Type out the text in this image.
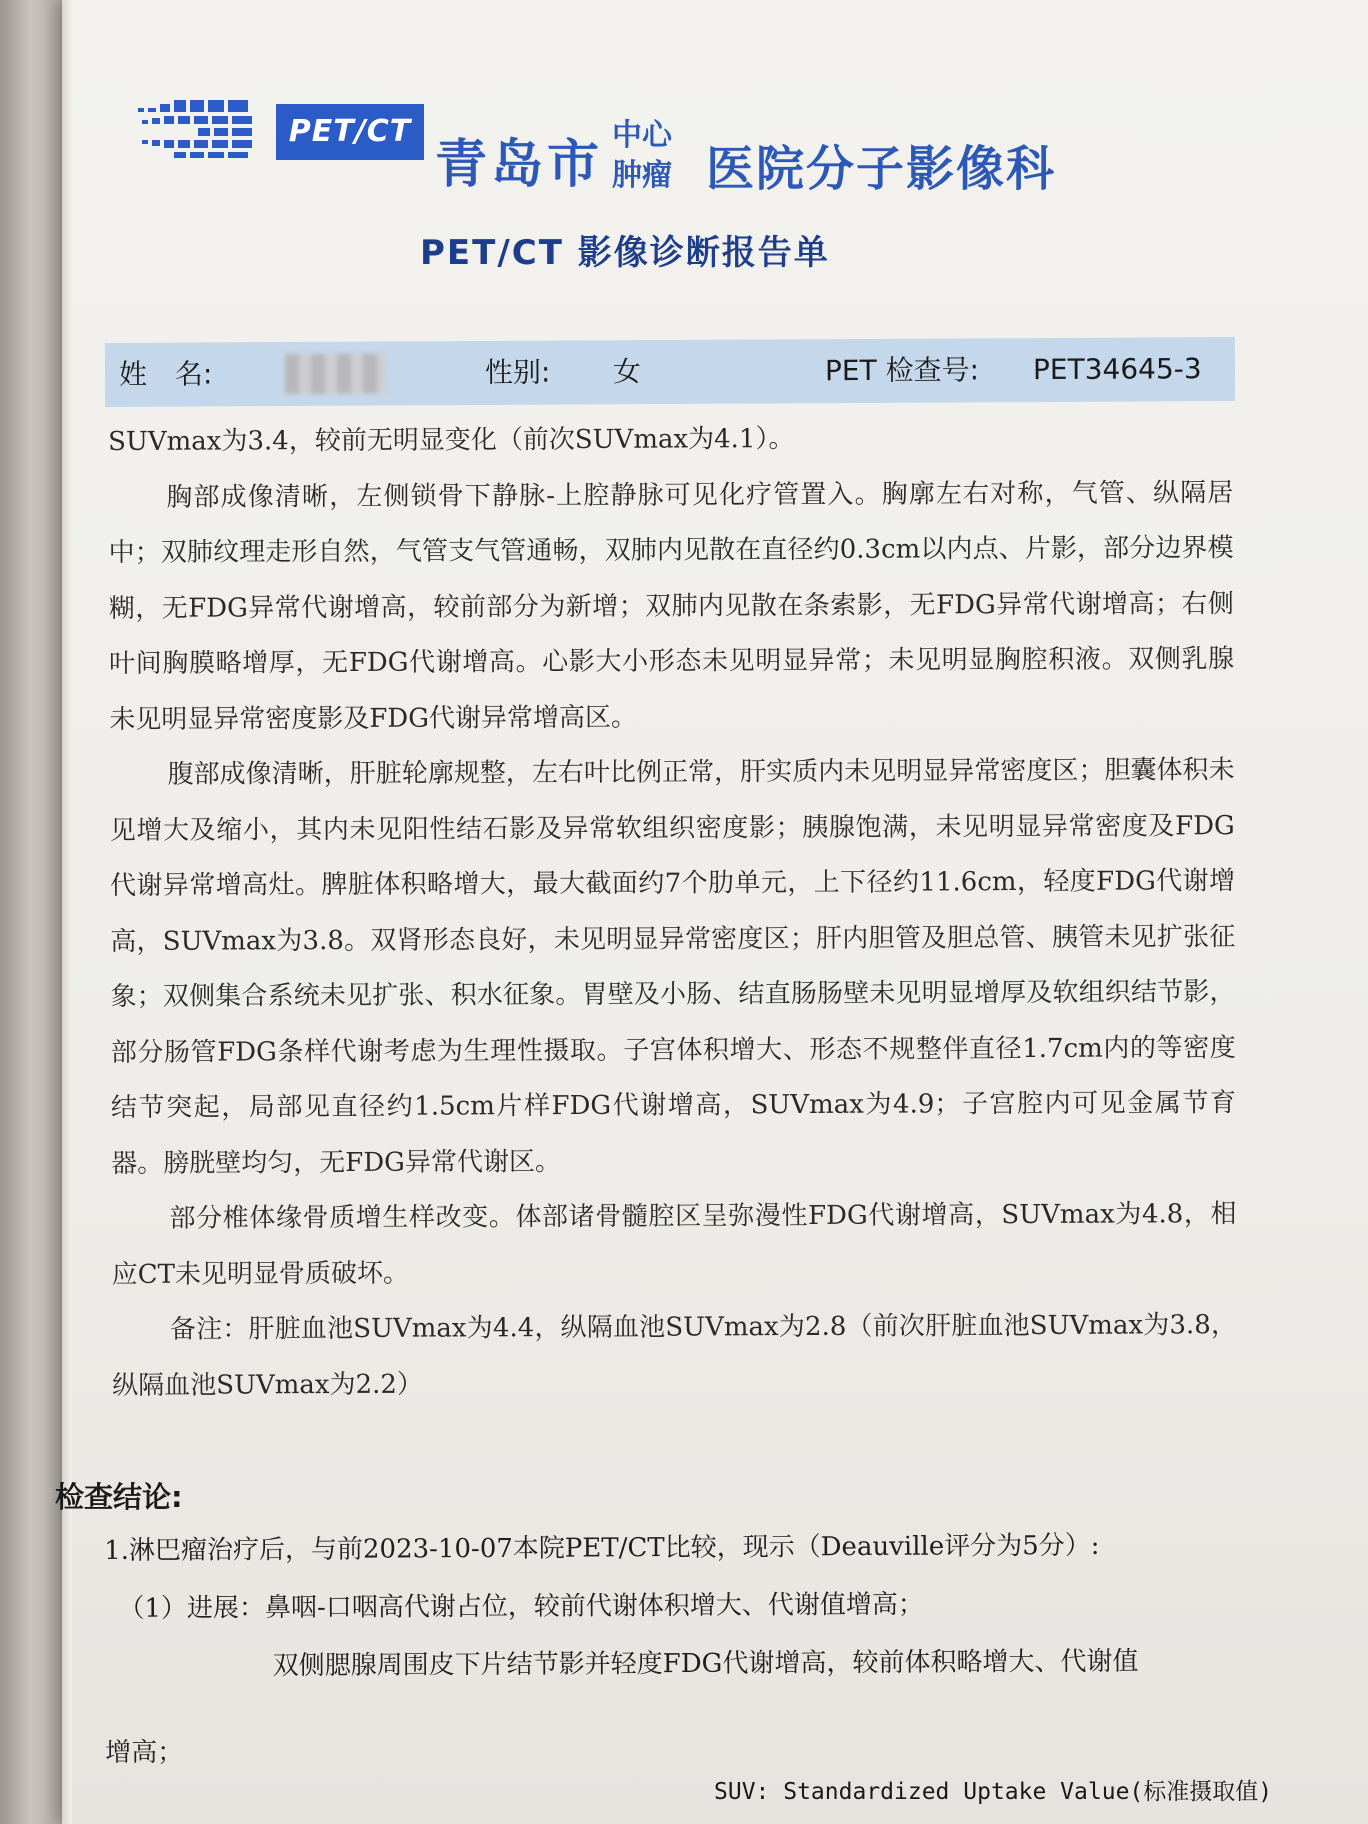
PET/CT
青岛市 中心
肿瘤 医院分子影像科
PET/CT 影像诊断报告单
姓　名:	性别: 女	PET 检查号: PET34645-3

SUVmax为3.4，较前无明显变化（前次SUVmax为4.1）。

胸部成像清晰，左侧锁骨下静脉-上腔静脉可见化疗管置入。胸廓左右对称，气管、纵隔居中；双肺纹理走形自然，气管支气管通畅，双肺内见散在直径约0.3cm以内点、片影，部分边界模糊，无FDG异常代谢增高，较前部分为新增；双肺内见散在条索影，无FDG异常代谢增高；右侧叶间胸膜略增厚，无FDG代谢增高。心影大小形态未见明显异常；未见明显胸腔积液。双侧乳腺未见明显异常密度影及FDG代谢异常增高区。

腹部成像清晰，肝脏轮廓规整，左右叶比例正常，肝实质内未见明显异常密度区；胆囊体积未见增大及缩小，其内未见阳性结石影及异常软组织密度影；胰腺饱满，未见明显异常密度及FDG代谢异常增高灶。脾脏体积略增大，最大截面约7个肋单元，上下径约11.6cm，轻度FDG代谢增高，SUVmax为3.8。双肾形态良好，未见明显异常密度区；肝内胆管及胆总管、胰管未见扩张征象；双侧集合系统未见扩张、积水征象。胃壁及小肠、结直肠肠壁未见明显增厚及软组织结节影，部分肠管FDG条样代谢考虑为生理性摄取。子宫体积增大、形态不规整伴直径1.7cm内的等密度结节突起，局部见直径约1.5cm片样FDG代谢增高，SUVmax为4.9；子宫腔内可见金属节育器。膀胱壁均匀，无FDG异常代谢区。

部分椎体缘骨质增生样改变。体部诸骨髓腔区呈弥漫性FDG代谢增高，SUVmax为4.8，相应CT未见明显骨质破坏。

备注：肝脏血池SUVmax为4.4，纵隔血池SUVmax为2.8（前次肝脏血池SUVmax为3.8，纵隔血池SUVmax为2.2）

检查结论:

1.淋巴瘤治疗后，与前2023-10-07本院PET/CT比较，现示（Deauville评分为5分）:

（1）进展：鼻咽-口咽高代谢占位，较前代谢体积增大、代谢值增高；

双侧腮腺周围皮下片结节影并轻度FDG代谢增高，较前体积略增大、代谢值

增高；

SUV: Standardized Uptake Value(标准摄取值)
